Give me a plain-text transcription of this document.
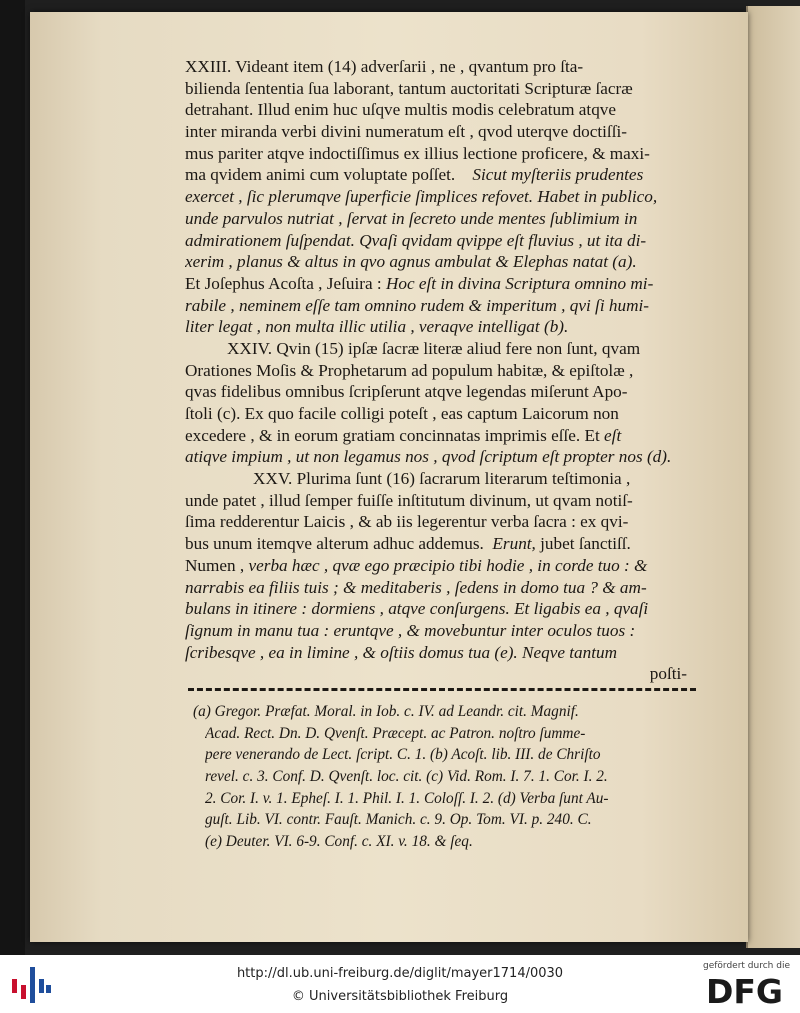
XXIII. Videant item (14) adverſarii , ne , qvantum pro ſta-
bilienda ſententia ſua laborant, tantum auctoritati Scripturæ ſacræ
detrahant. Illud enim huc uſqve multis modis celebratum atqve
inter miranda verbi divini numeratum eſt , qvod uterqve doctiſſi-
mus pariter atqve indoctiſſimus ex illius lectione proficere, & maxi-
ma qvidem animi cum voluptate poſſet. Sicut myſteriis prudentes
exercet , ſic plerumqve ſuperficie ſimplices refovet. Habet in publico,
unde parvulos nutriat , ſervat in ſecreto unde mentes ſublimium in
admirationem ſuſpendat. Qvaſi qvidam qvippe eſt fluvius , ut ita di-
xerim , planus & altus in qvo agnus ambulat & Elephas natat (a).
Et Joſephus Acoſta , Jeſuira : Hoc eſt in divina Scriptura omnino mi-
rabile , neminem eſſe tam omnino rudem & imperitum , qvi ſi humi-
liter legat , non multa illic utilia , veraqve intelligat (b).
XXIV. Qvin (15) ipſæ ſacræ literæ aliud fere non ſunt, qvam
Orationes Moſis & Prophetarum ad populum habitæ, & epiſtolæ ,
qvas fidelibus omnibus ſcripſerunt atqve legendas miſerunt Apo-
ſtoli (c). Ex quo facile colligi poteſt , eas captum Laicorum non
excedere , & in eorum gratiam concinnatas imprimis eſſe. Et eſt
atiqve impium , ut non legamus nos , qvod ſcriptum eſt propter nos (d).
XXV. Plurima ſunt (16) ſacrarum literarum teſtimonia ,
unde patet , illud ſemper fuiſſe inſtitutum divinum, ut qvam notiſ-
ſima redderentur Laicis , & ab iis legerentur verba ſacra : ex qvi-
bus unum itemqve alterum adhuc addemus. Erunt, jubet ſanctiſſ.
Numen , verba hæc , qvæ ego præcipio tibi hodie , in corde tuo : &
narrabis ea filiis tuis ; & meditaberis , ſedens in domo tua ? & am-
bulans in itinere : dormiens , atqve conſurgens. Et ligabis ea , qvaſi
ſignum in manu tua : eruntqve , & movebuntur inter oculos tuos :
ſcribesqve , ea in limine , & oſtiis domus tua (e). Neqve tantum
poſti-
(a) Gregor. Præfat. Moral. in Iob. c. IV. ad Leandr. cit. Magnif.
Acad. Rect. Dn. D. Qvenſt. Præcept. ac Patron. noſtro ſumme-
pere venerando de Lect. ſcript. C. 1. (b) Acoſt. lib. III. de Chriſto
revel. c. 3. Conf. D. Qvenſt. loc. cit. (c) Vid. Rom. I. 7. 1. Cor. I. 2.
2. Cor. I. v. 1. Epheſ. I. 1. Phil. I. 1. Coloſſ. I. 2. (d) Verba ſunt Au-
guſt. Lib. VI. contr. Fauſt. Manich. c. 9. Op. Tom. VI. p. 240. C.
(e) Deuter. VI. 6-9. Conf. c. XI. v. 18. & ſeq.
http://dl.ub.uni-freiburg.de/diglit/mayer1714/0030
© Universitätsbibliothek Freiburg
gefördert durch die
DFG
